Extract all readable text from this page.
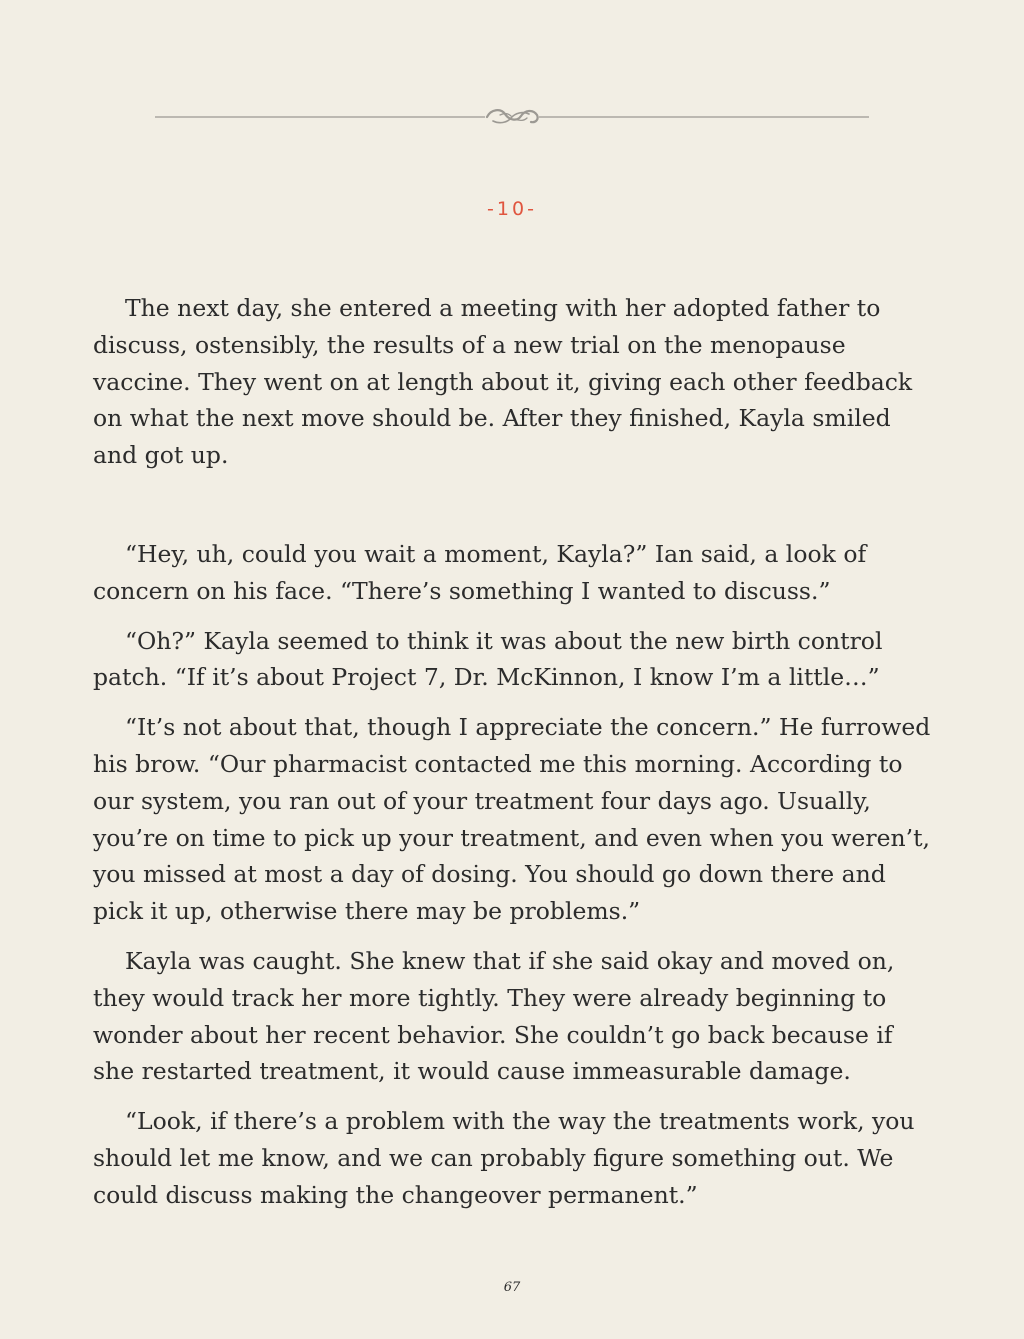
-10-

The next day, she entered a meeting with her adopted father to discuss, ostensibly, the results of a new trial on the menopause vaccine. They went on at length about it, giving each other feedback on what the next move should be. After they finished, Kayla smiled and got up.

“Hey, uh, could you wait a moment, Kayla?” Ian said, a look of concern on his face. “There’s something I wanted to discuss.”

“Oh?” Kayla seemed to think it was about the new birth control patch. “If it’s about Project 7, Dr. McKinnon, I know I’m a little…”

“It’s not about that, though I appreciate the concern.” He furrowed his brow. “Our pharmacist contacted me this morning. According to our system, you ran out of your treatment four days ago. Usually, you’re on time to pick up your treatment, and even when you weren’t, you missed at most a day of dosing. You should go down there and pick it up, otherwise there may be problems.”

Kayla was caught. She knew that if she said okay and moved on, they would track her more tightly. They were already beginning to wonder about her recent behavior. She couldn’t go back because if she restarted treatment, it would cause immeasurable damage.

“Look, if there’s a problem with the way the treatments work, you should let me know, and we can probably figure something out. We could discuss making the changeover permanent.”

67
